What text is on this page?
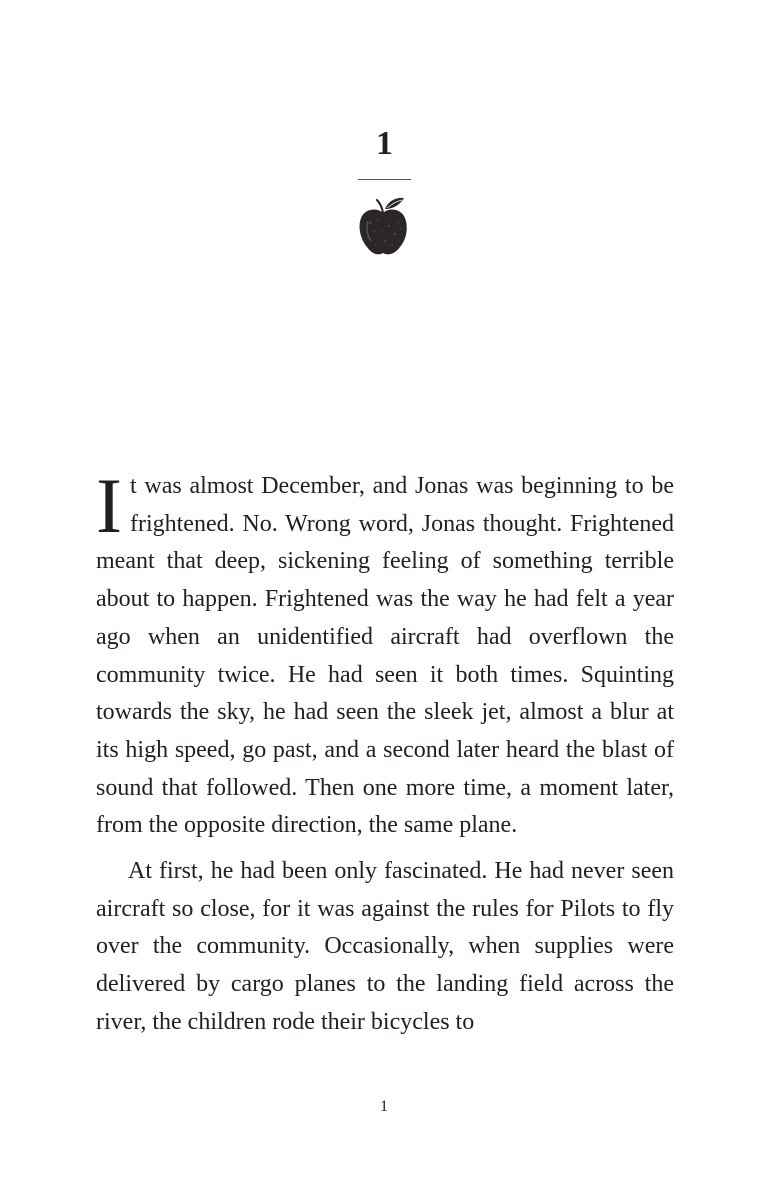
1

It was almost December, and Jonas was beginning to be frightened. No. Wrong word, Jonas thought. Frightened meant that deep, sickening feeling of something terrible about to happen. Frightened was the way he had felt a year ago when an unidentified aircraft had overflown the community twice. He had seen it both times. Squinting towards the sky, he had seen the sleek jet, almost a blur at its high speed, go past, and a second later heard the blast of sound that followed. Then one more time, a moment later, from the opposite direction, the same plane.

At first, he had been only fascinated. He had never seen aircraft so close, for it was against the rules for Pilots to fly over the community. Occasionally, when supplies were delivered by cargo planes to the landing field across the river, the children rode their bicycles to

1
